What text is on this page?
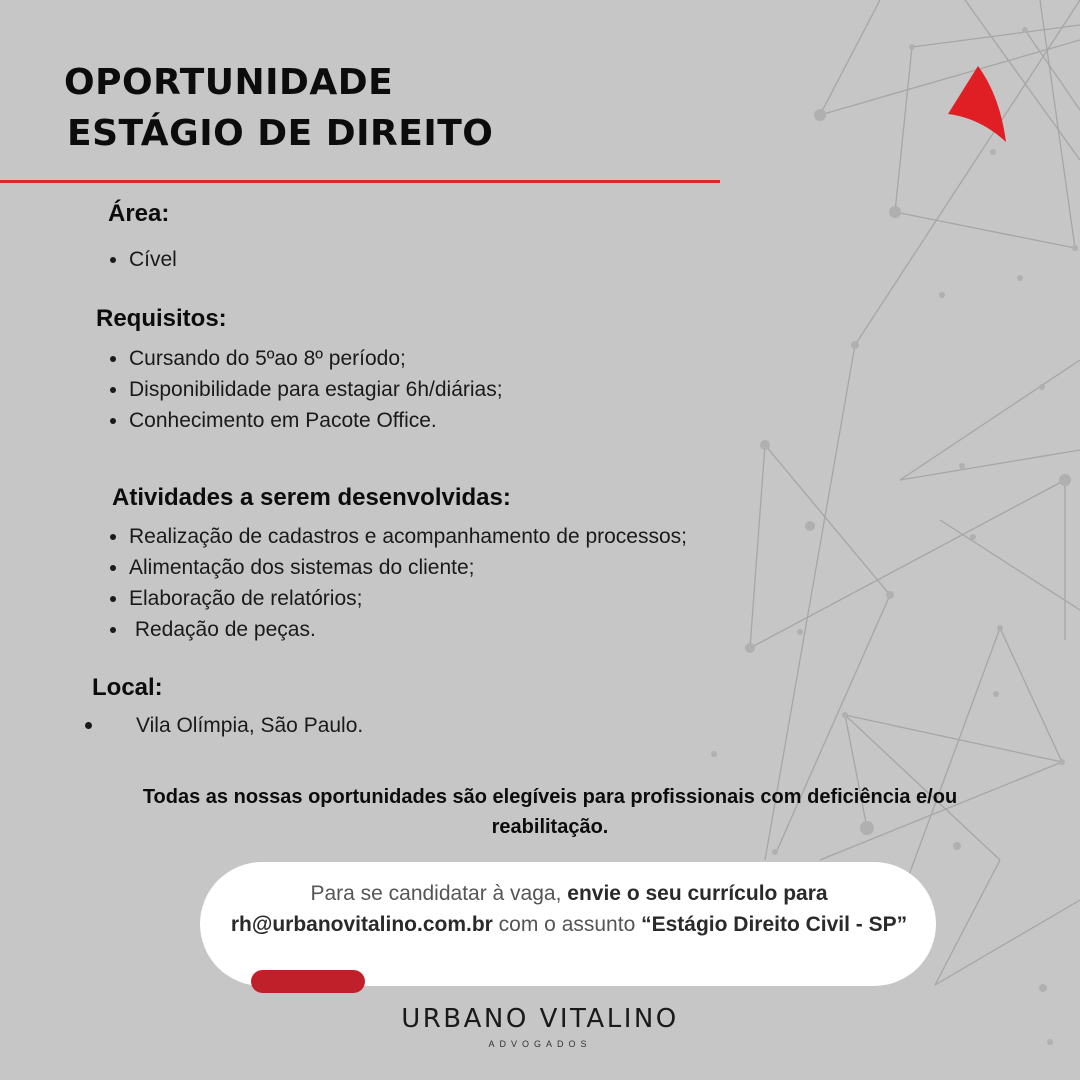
OPORTUNIDADE
ESTÁGIO DE DIREITO
Área:
Cível
Requisitos:
Cursando do 5ºao 8º período;
Disponibilidade para estagiar 6h/diárias;
Conhecimento em Pacote Office.
Atividades a serem desenvolvidas:
Realização de cadastros e acompanhamento de processos;
Alimentação dos sistemas do cliente;
Elaboração de relatórios;
Redação de peças.
Local:
Vila Olímpia, São Paulo.

Todas as nossas oportunidades são elegíveis para profissionais com deficiência e/ou reabilitação.

Para se candidatar à vaga, envie o seu currículo para
rh@urbanovitalino.com.br com o assunto “Estágio Direito Civil - SP”

URBANO VITALINO
ADVOGADOS
